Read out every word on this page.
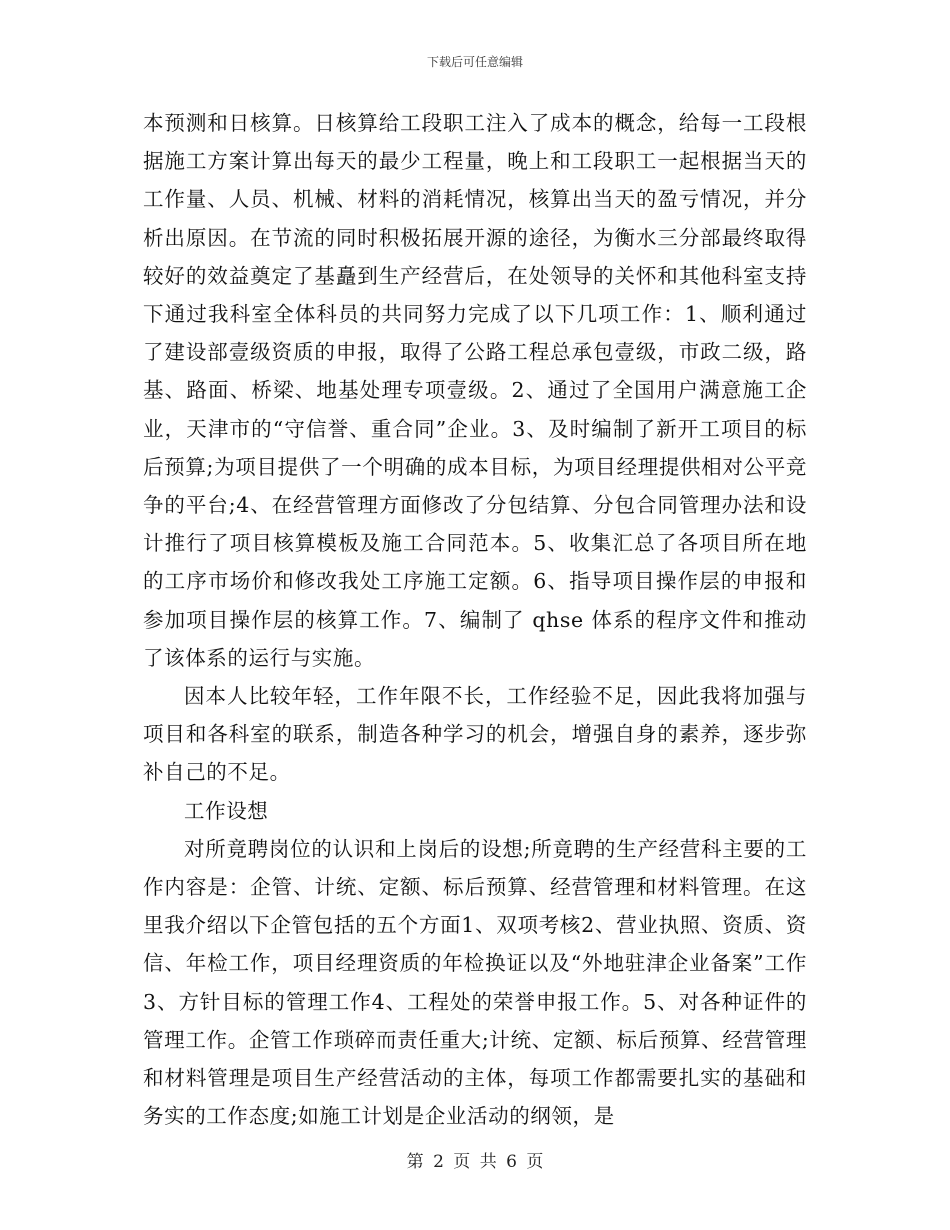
下载后可任意编辑

本预测和日核算。日核算给工段职工注入了成本的概念，给每一工段根据施工方案计算出每天的最少工程量，晚上和工段职工一起根据当天的工作量、人员、机械、材料的消耗情况，核算出当天的盈亏情况，并分析出原因。在节流的同时积极拓展开源的途径，为衡水三分部最终取得较好的效益奠定了基矗到生产经营后，在处领导的关怀和其他科室支持下通过我科室全体科员的共同努力完成了以下几项工作：1、顺利通过了建设部壹级资质的申报，取得了公路工程总承包壹级，市政二级，路基、路面、桥梁、地基处理专项壹级。2、通过了全国用户满意施工企业，天津市的“守信誉、重合同”企业。3、及时编制了新开工项目的标后预算;为项目提供了一个明确的成本目标，为项目经理提供相对公平竞争的平台;4、在经营管理方面修改了分包结算、分包合同管理办法和设计推行了项目核算模板及施工合同范本。5、收集汇总了各项目所在地的工序市场价和修改我处工序施工定额。6、指导项目操作层的申报和参加项目操作层的核算工作。7、编制了 qhse 体系的程序文件和推动了该体系的运行与实施。

因本人比较年轻，工作年限不长，工作经验不足，因此我将加强与项目和各科室的联系，制造各种学习的机会，增强自身的素养，逐步弥补自己的不足。

工作设想

对所竟聘岗位的认识和上岗后的设想;所竟聘的生产经营科主要的工作内容是：企管、计统、定额、标后预算、经营管理和材料管理。在这里我介绍以下企管包括的五个方面1、双项考核2、营业执照、资质、资信、年检工作，项目经理资质的年检换证以及“外地驻津企业备案”工作3、方针目标的管理工作4、工程处的荣誉申报工作。5、对各种证件的管理工作。企管工作琐碎而责任重大;计统、定额、标后预算、经营管理和材料管理是项目生产经营活动的主体，每项工作都需要扎实的基础和务实的工作态度;如施工计划是企业活动的纲领，是

第 2 页 共 6 页
